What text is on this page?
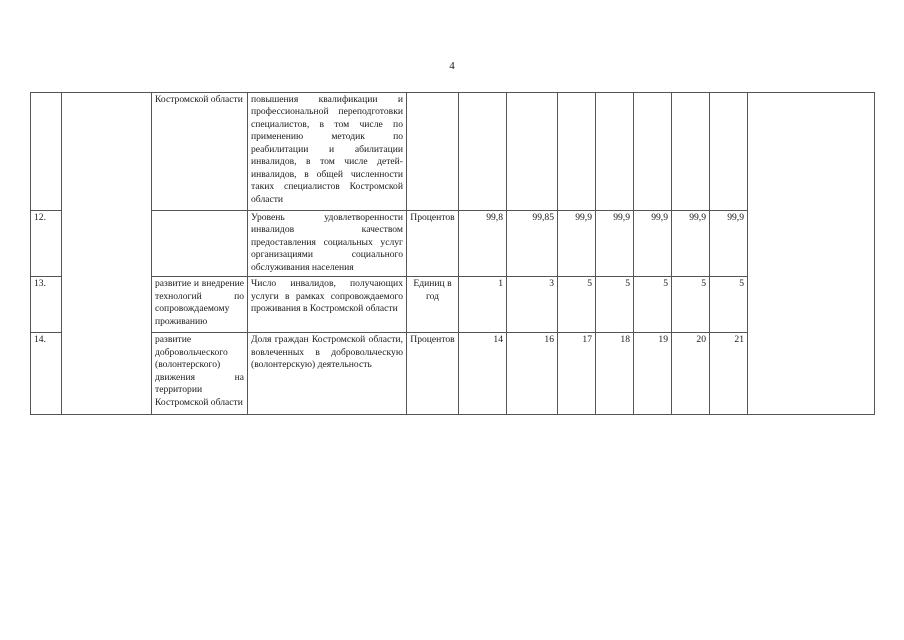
4
		Костромской области	повышения квалификации и профессиональной переподготовки специалистов, в том числе по применению методик по реабилитации и абилитации инвалидов, в том числе детей-инвалидов, в общей численности таких специалистов Костромской области									
12.			Уровень удовлетворенности инвалидов качеством предоставления социальных услуг организациями социального обслуживания населения	Процентов	99,8	99,85	99,9	99,9	99,9	99,9	99,9	
13.		развитие и внедрение технологий по сопровождаемому проживанию	Число инвалидов, получающих услуги в рамках сопровождаемого проживания в Костромской области	Единиц в год	1	3	5	5	5	5	5	
14.		развитие добровольческого (волонтерского) движения на территории Костромской области	Доля граждан Костромской области, вовлеченных в добровольческую (волонтерскую) деятельность	Процентов	14	16	17	18	19	20	21	
